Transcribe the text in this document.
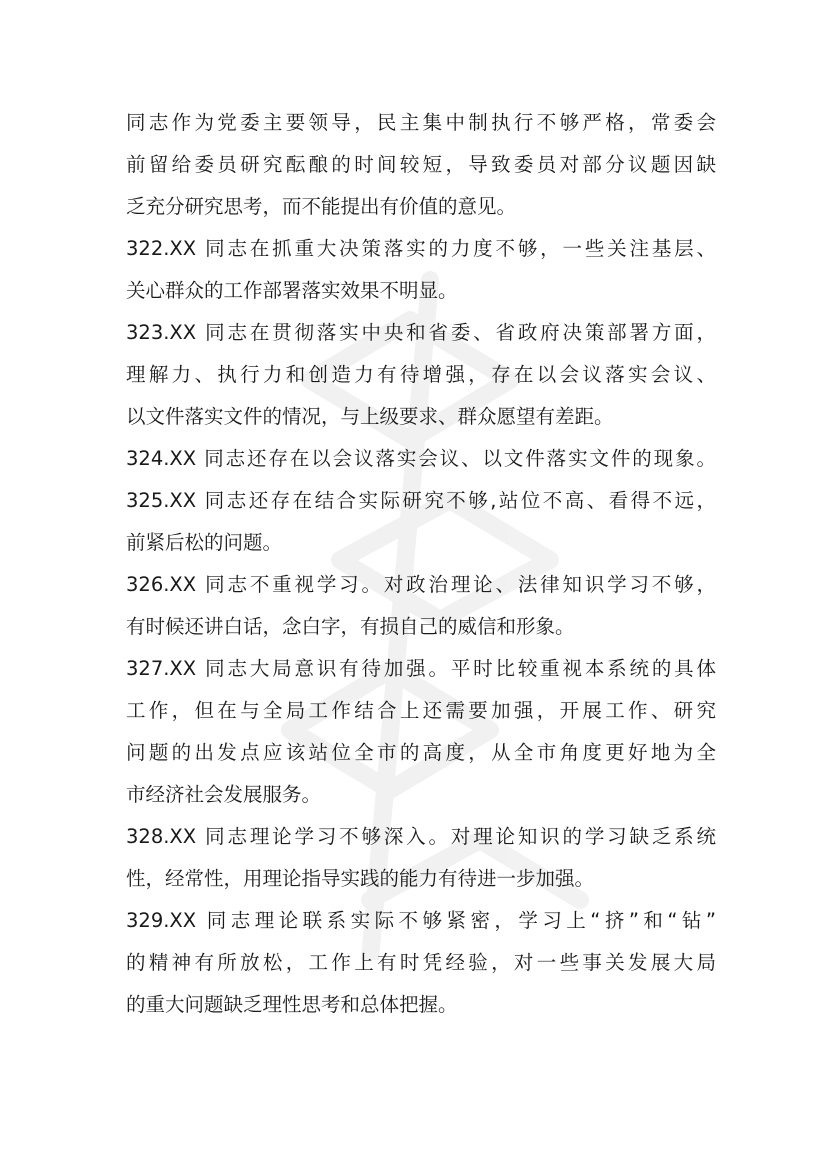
同志作为党委主要领导，民主集中制执行不够严格，常委会
前留给委员研究酝酿的时间较短，导致委员对部分议题因缺
乏充分研究思考，而不能提出有价值的意见。
322.XX 同志在抓重大决策落实的力度不够，一些关注基层、
关心群众的工作部署落实效果不明显。
323.XX 同志在贯彻落实中央和省委、省政府决策部署方面，
理解力、执行力和创造力有待增强，存在以会议落实会议、
以文件落实文件的情况，与上级要求、群众愿望有差距。
324.XX 同志还存在以会议落实会议、以文件落实文件的现象。
325.XX 同志还存在结合实际研究不够,站位不高、看得不远，
前紧后松的问题。
326.XX 同志不重视学习。对政治理论、法律知识学习不够，
有时候还讲白话，念白字，有损自己的威信和形象。
327.XX 同志大局意识有待加强。平时比较重视本系统的具体
工作，但在与全局工作结合上还需要加强，开展工作、研究
问题的出发点应该站位全市的高度，从全市角度更好地为全
市经济社会发展服务。
328.XX 同志理论学习不够深入。对理论知识的学习缺乏系统
性，经常性，用理论指导实践的能力有待进一步加强。
329.XX 同志理论联系实际不够紧密，学习上“挤”和“钻”
的精神有所放松，工作上有时凭经验，对一些事关发展大局
的重大问题缺乏理性思考和总体把握。
